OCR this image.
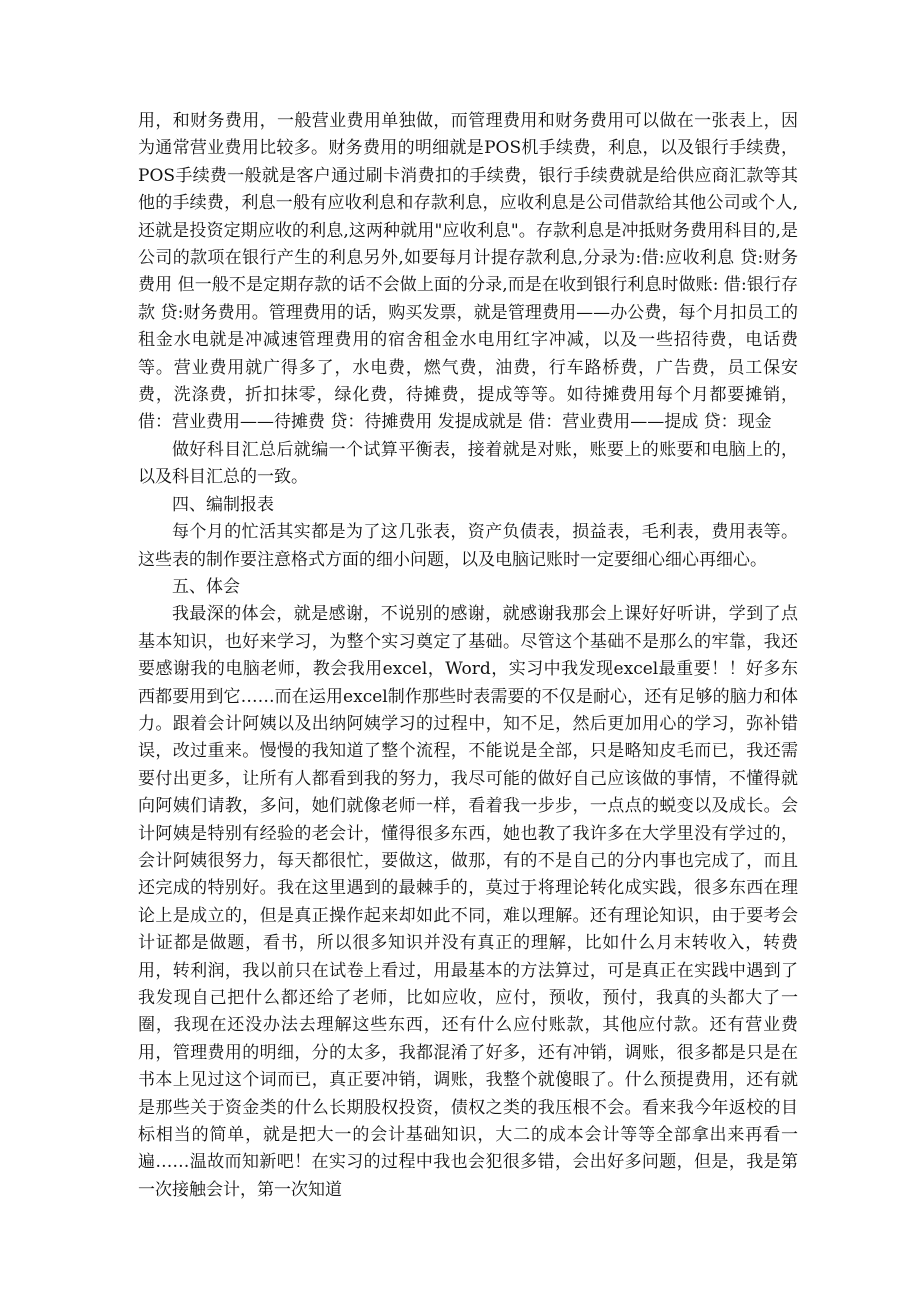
用，和财务费用，一般营业费用单独做，而管理费用和财务费用可以做在一张表上，因为通常营业费用比较多。财务费用的明细就是POS机手续费，利息，以及银行手续费，POS手续费一般就是客户通过刷卡消费扣的手续费，银行手续费就是给供应商汇款等其他的手续费，利息一般有应收利息和存款利息，应收利息是公司借款给其他公司或个人,还就是投资定期应收的利息,这两种就用"应收利息"。存款利息是冲抵财务费用科目的,是公司的款项在银行产生的利息另外,如要每月计提存款利息,分录为:借:应收利息 贷:财务费用 但一般不是定期存款的话不会做上面的分录,而是在收到银行利息时做账: 借:银行存款 贷:财务费用。管理费用的话，购买发票，就是管理费用——办公费，每个月扣员工的租金水电就是冲减速管理费用的宿舍租金水电用红字冲减，以及一些招待费，电话费等。营业费用就广得多了，水电费，燃气费，油费，行车路桥费，广告费，员工保安费，洗涤费，折扣抹零，绿化费，待摊费，提成等等。如待摊费用每个月都要摊销，借：营业费用——待摊费 贷：待摊费用 发提成就是 借：营业费用——提成 贷：现金

做好科目汇总后就编一个试算平衡表，接着就是对账，账要上的账要和电脑上的，以及科目汇总的一致。

四、编制报表

每个月的忙活其实都是为了这几张表，资产负债表，损益表，毛利表，费用表等。这些表的制作要注意格式方面的细小问题，以及电脑记账时一定要细心细心再细心。

五、体会

我最深的体会，就是感谢，不说别的感谢，就感谢我那会上课好好听讲，学到了点基本知识，也好来学习，为整个实习奠定了基础。尽管这个基础不是那么的牢靠，我还要感谢我的电脑老师，教会我用excel，Word，实习中我发现excel最重要！！好多东西都要用到它……而在运用excel制作那些时表需要的不仅是耐心，还有足够的脑力和体力。跟着会计阿姨以及出纳阿姨学习的过程中，知不足，然后更加用心的学习，弥补错误，改过重来。慢慢的我知道了整个流程，不能说是全部，只是略知皮毛而已，我还需要付出更多，让所有人都看到我的努力，我尽可能的做好自己应该做的事情，不懂得就向阿姨们请教，多问，她们就像老师一样，看着我一步步，一点点的蜕变以及成长。会计阿姨是特别有经验的老会计，懂得很多东西，她也教了我许多在大学里没有学过的，会计阿姨很努力，每天都很忙，要做这，做那，有的不是自己的分内事也完成了，而且还完成的特别好。我在这里遇到的最棘手的，莫过于将理论转化成实践，很多东西在理论上是成立的，但是真正操作起来却如此不同，难以理解。还有理论知识，由于要考会计证都是做题，看书，所以很多知识并没有真正的理解，比如什么月末转收入，转费用，转利润，我以前只在试卷上看过，用最基本的方法算过，可是真正在实践中遇到了我发现自己把什么都还给了老师，比如应收，应付，预收，预付，我真的头都大了一圈，我现在还没办法去理解这些东西，还有什么应付账款，其他应付款。还有营业费用，管理费用的明细，分的太多，我都混淆了好多，还有冲销，调账，很多都是只是在书本上见过这个词而已，真正要冲销，调账，我整个就傻眼了。什么预提费用，还有就是那些关于资金类的什么长期股权投资，债权之类的我压根不会。看来我今年返校的目标相当的简单，就是把大一的会计基础知识，大二的成本会计等等全部拿出来再看一遍……温故而知新吧！在实习的过程中我也会犯很多错，会出好多问题，但是，我是第一次接触会计，第一次知道
